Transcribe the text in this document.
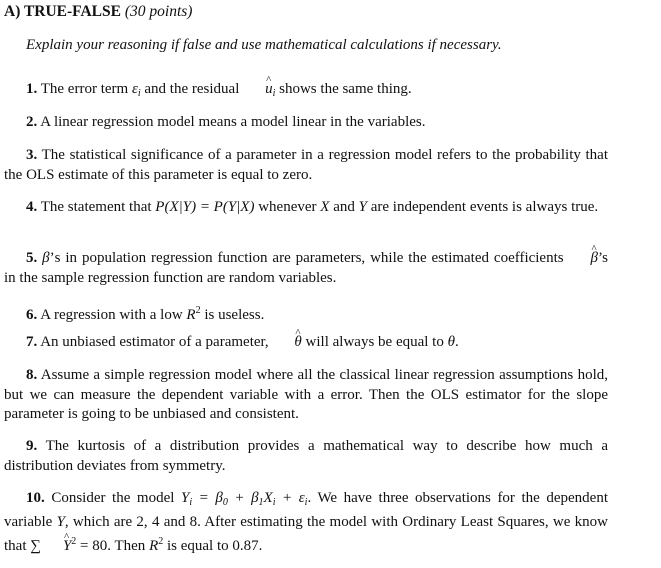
A) TRUE-FALSE (30 points)
Explain your reasoning if false and use mathematical calculations if necessary.
1. The error term $\varepsilon_i$ and the residual u $\^{}_i$ shows the same thing.
2. A linear regression model means a model linear in the variables.
3. The statistical significance of a parameter in a regression model refers to the probability that the OLS estimate of this parameter is equal to zero.
4. The statement that P(X|Y) = P(Y|X) whenever X and Y are independent events is always true.
5. β’s in population regression function are parameters, while the estimated coefficients β ^’s in the sample regression function are random variables.
6. A regression with a low $R^2$ is useless.
7. An unbiased estimator of a parameter, θ ^ will always be equal to θ.
8. Assume a simple regression model where all the classical linear regression assumptions hold, but we can measure the dependent variable with a error. Then the OLS estimator for the slope parameter is going to be unbiased and consistent.
9. The kurtosis of a distribution provides a mathematical way to describe how much a distribution deviates from symmetry.
10. Consider the model $Y_i = \beta_0 + \beta_1X_i + \varepsilon_i$. We have three observations for the dependent variable Y, which are 2, 4 and 8. After estimating the model with Ordinary Least Squares, we know that ∑ Y ^$^2$ = 80. Then $R^2$ is equal to 0.87.
